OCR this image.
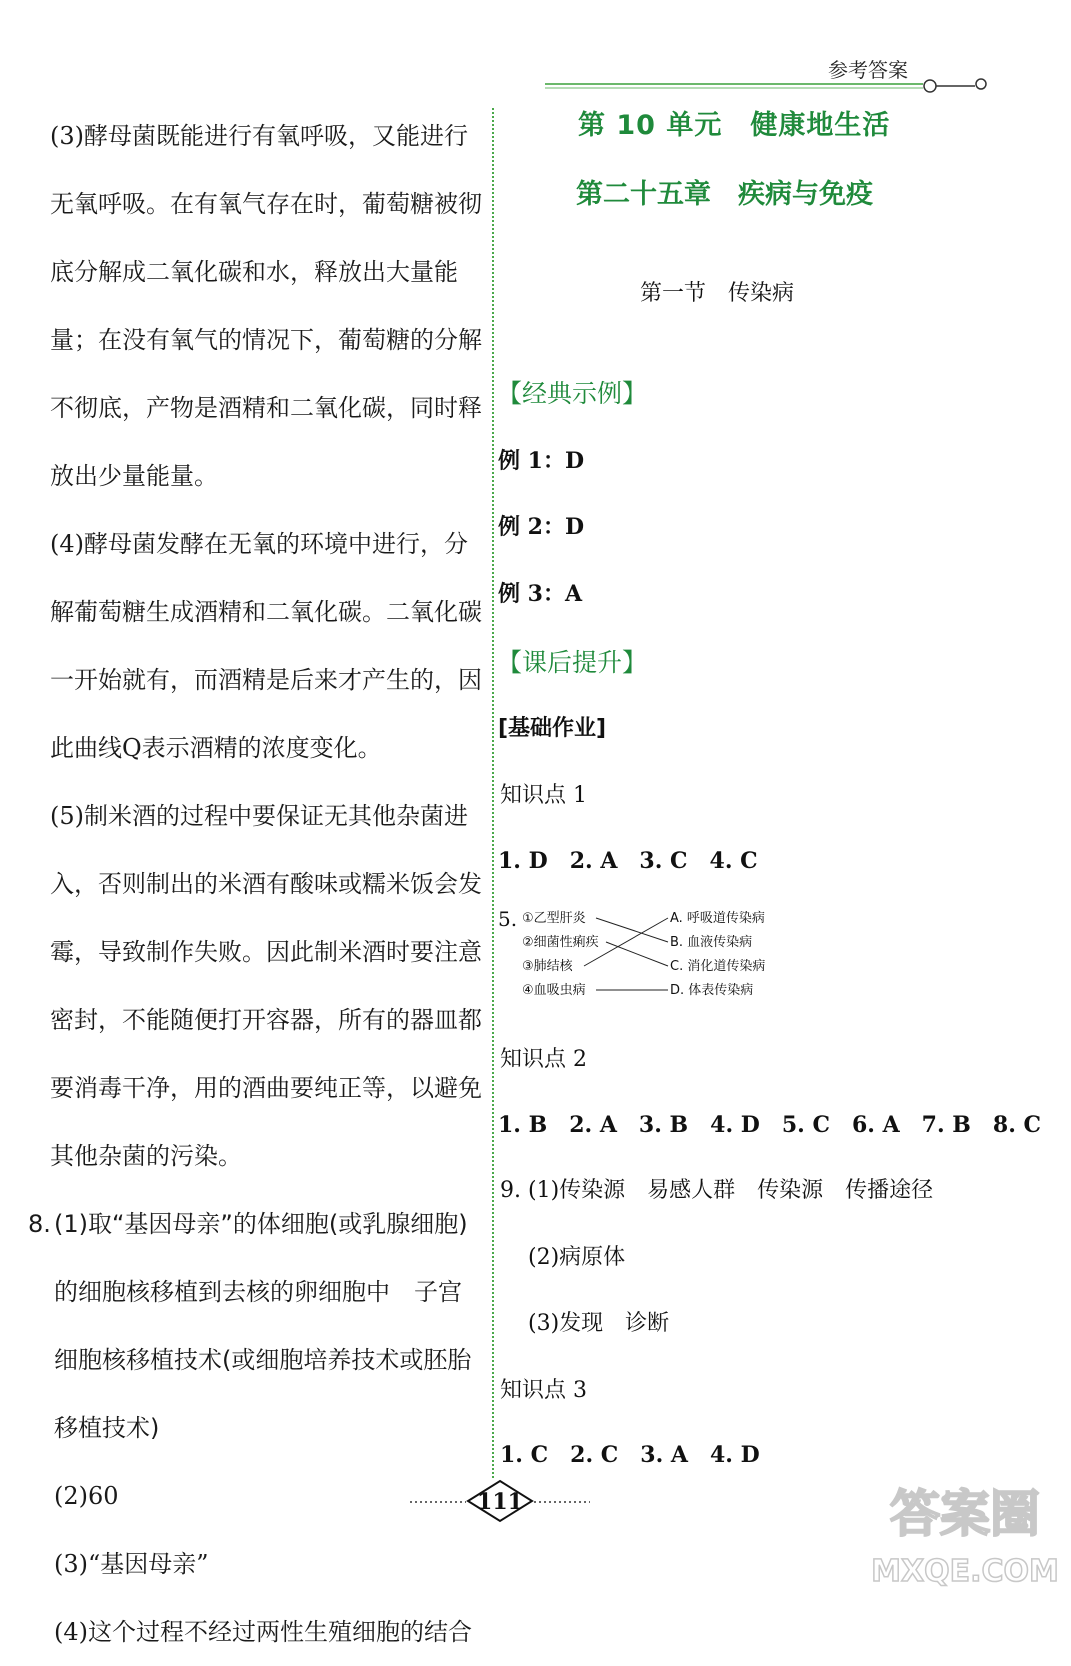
参考答案

(3)酵母菌既能进行有氧呼吸，又能进行无氧呼吸。在有氧气存在时，葡萄糖被彻底分解成二氧化碳和水，释放出大量能量；在没有氧气的情况下，葡萄糖的分解不彻底，产物是酒精和二氧化碳，同时释放出少量能量。

(4)酵母菌发酵在无氧的环境中进行，分解葡萄糖生成酒精和二氧化碳。二氧化碳一开始就有，而酒精是后来才产生的，因此曲线Q表示酒精的浓度变化。

(5)制米酒的过程中要保证无其他杂菌进入，否则制出的米酒有酸味或糯米饭会发霉，导致制作失败。因此制米酒时要注意密封，不能随便打开容器，所有的器皿都要消毒干净，用的酒曲要纯正等，以避免其他杂菌的污染。

8. (1)取“基因母亲”的体细胞(或乳腺细胞)的细胞核移植到去核的卵细胞中　子宫　细胞核移植技术(或细胞培养技术或胚胎移植技术)

(2)60

(3)“基因母亲”

(4)这个过程不经过两性生殖细胞的结合

第 10 单元　健康地生活
第二十五章　疾病与免疫
第一节　传染病
【经典示例】
例 1：D
例 2：D
例 3：A
【课后提升】
[基础作业]
知识点 1
1. D　2. A　3. C　4. C
5. ①乙型肝炎
②细菌性痢疾
③肺结核
④血吸虫病
A. 呼吸道传染病
B. 血液传染病
C. 消化道传染病
D. 体表传染病
知识点 2
1. B　2. A　3. B　4. D　5. C　6. A　7. B　8. C
9. (1)传染源　易感人群　传染源　传播途径
(2)病原体
(3)发现　诊断
知识点 3
1. C　2. C　3. A　4. D
111	答案圈
MXQE.COM
